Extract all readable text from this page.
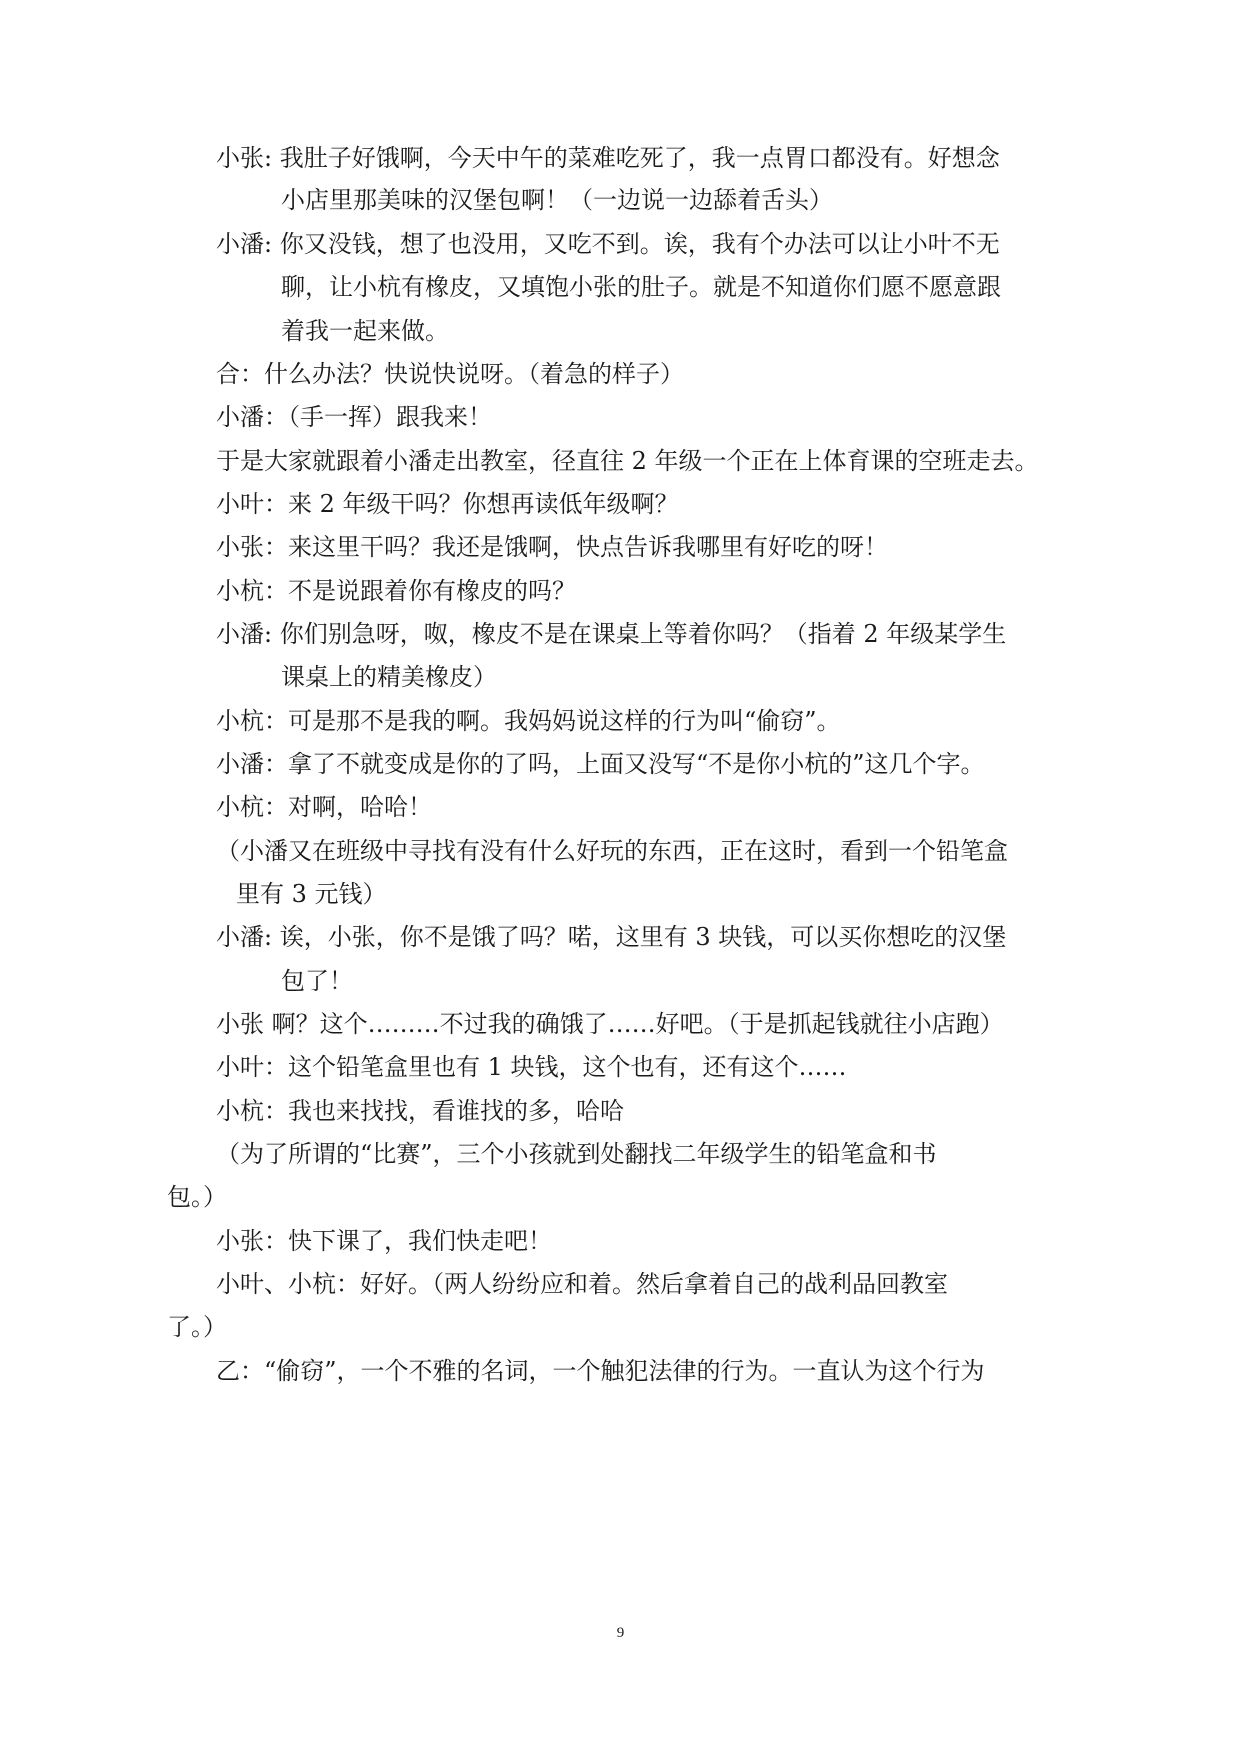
小张: 我肚子好饿啊，今天中午的菜难吃死了，我一点胃口都没有。好想念
小店里那美味的汉堡包啊！（一边说一边舔着舌头）
小潘: 你又没钱，想了也没用，又吃不到。诶，我有个办法可以让小叶不无
聊，让小杭有橡皮，又填饱小张的肚子。就是不知道你们愿不愿意跟
着我一起来做。
合：什么办法？快说快说呀。（着急的样子）
小潘：（手一挥）跟我来！
于是大家就跟着小潘走出教室，径直往 2 年级一个正在上体育课的空班走去。
小叶：来 2 年级干吗？你想再读低年级啊？
小张：来这里干吗？我还是饿啊，快点告诉我哪里有好吃的呀！
小杭：不是说跟着你有橡皮的吗？
小潘: 你们别急呀，呶，橡皮不是在课桌上等着你吗？（指着 2 年级某学生
课桌上的精美橡皮）
小杭：可是那不是我的啊。我妈妈说这样的行为叫“偷窃”。
小潘：拿了不就变成是你的了吗，上面又没写“不是你小杭的”这几个字。
小杭：对啊，哈哈！
（小潘又在班级中寻找有没有什么好玩的东西，正在这时，看到一个铅笔盒
里有 3 元钱）
小潘: 诶，小张，你不是饿了吗？喏，这里有 3 块钱，可以买你想吃的汉堡
包了！
小张 啊？这个………不过我的确饿了……好吧。（于是抓起钱就往小店跑）
小叶：这个铅笔盒里也有 1 块钱，这个也有，还有这个……
小杭：我也来找找，看谁找的多，哈哈
（为了所谓的“比赛”，三个小孩就到处翻找二年级学生的铅笔盒和书
包。）
小张：快下课了，我们快走吧！
小叶、小杭：好好。（两人纷纷应和着。然后拿着自己的战利品回教室
了。）
乙：“偷窃”，一个不雅的名词，一个触犯法律的行为。一直认为这个行为
9
